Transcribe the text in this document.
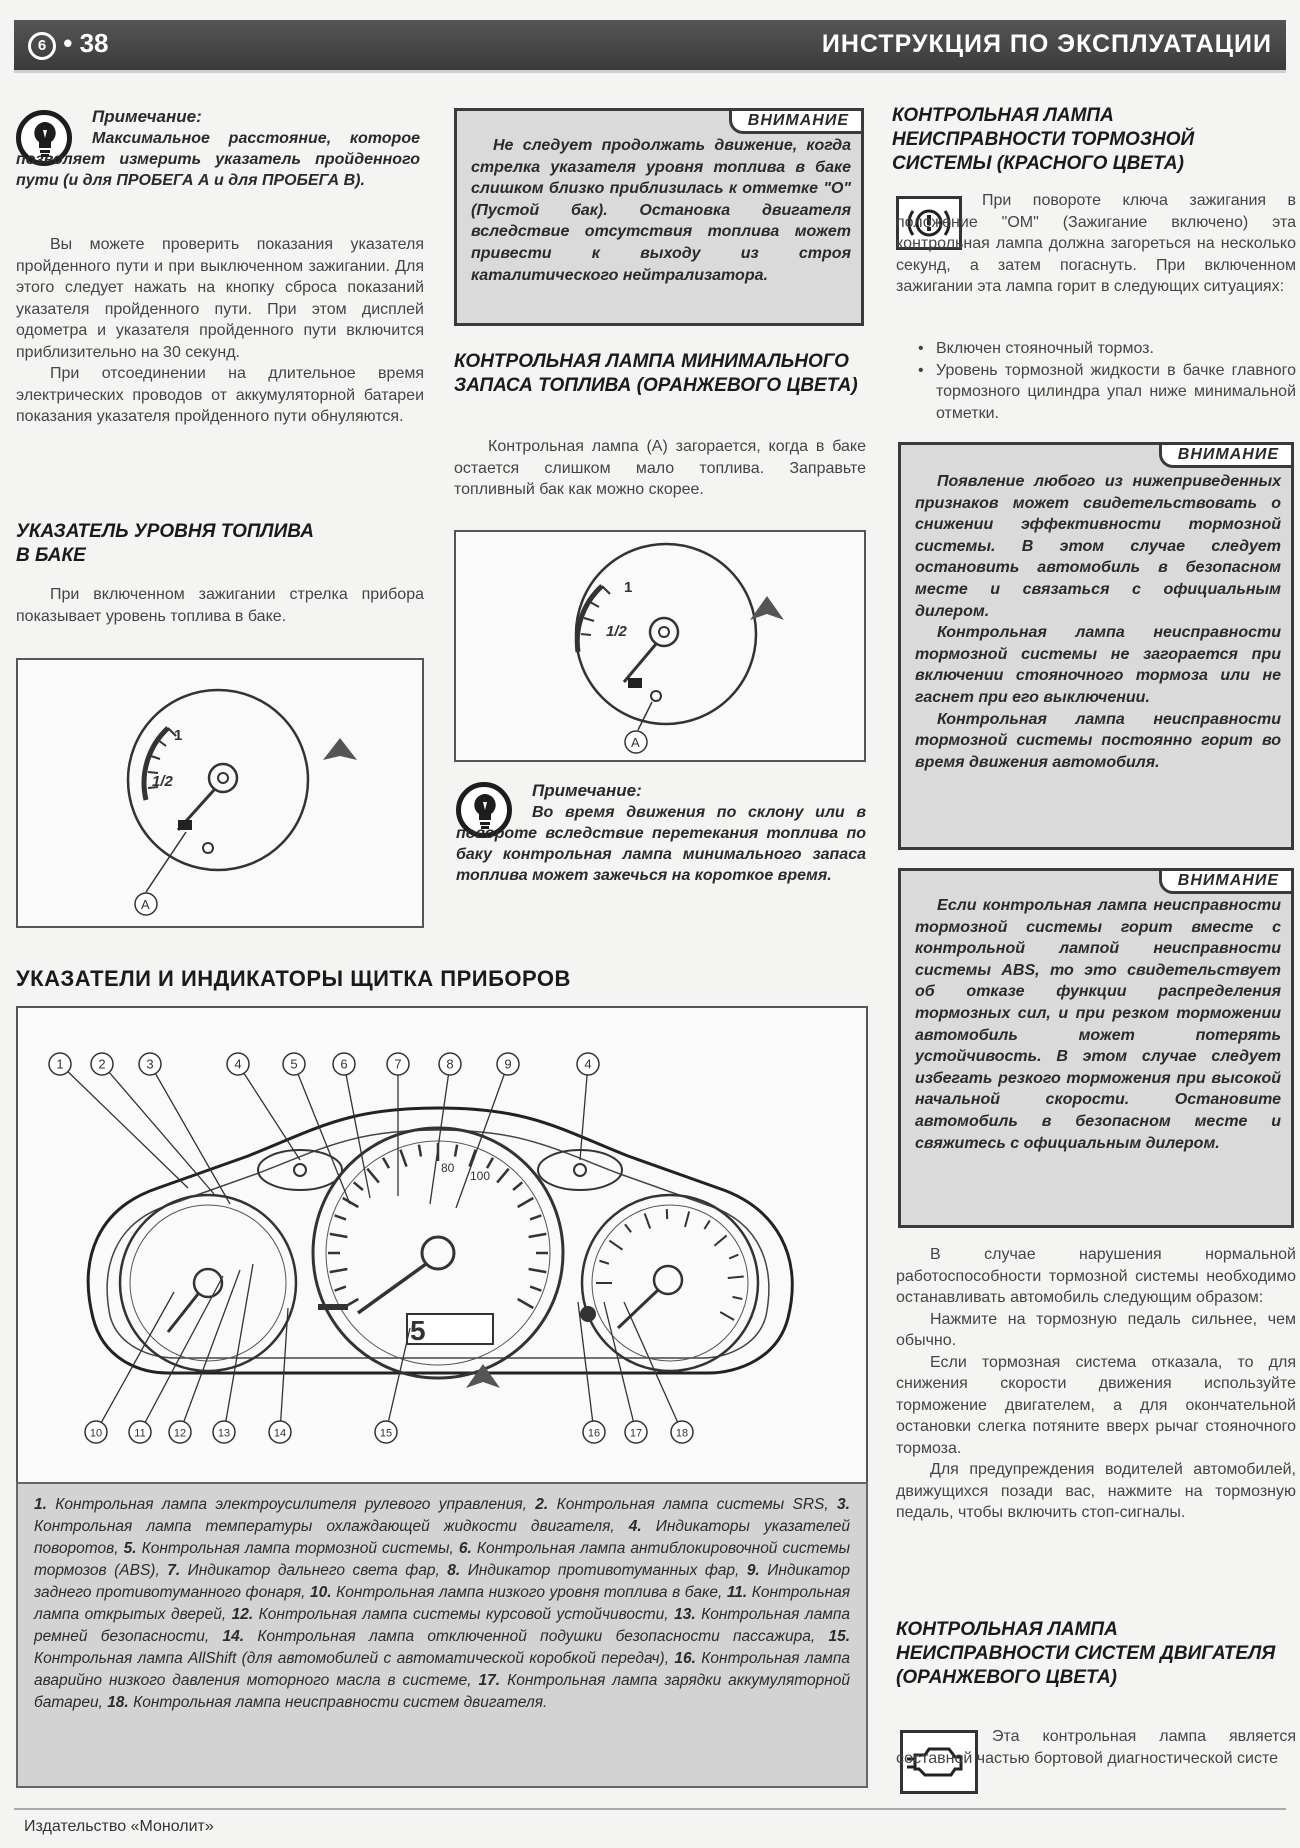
6 • 38	ИНСТРУКЦИЯ ПО ЭКСПЛУАТАЦИИ
Примечание:
Максимальное расстояние, которое позволяет измерить указатель пройденного пути (и для ПРОБЕГА А и для ПРОБЕГА В).

Вы можете проверить показания указателя пройденного пути и при выключенном зажигании. Для этого следует нажать на кнопку сброса показаний указателя пройденного пути. При этом дисплей одометра и указателя пройденного пути включится приблизительно на 30 секунд.

При отсоединении на длительное время электрических проводов от аккумуляторной батареи показания указателя пройденного пути обнуляются.

УКАЗАТЕЛЬ УРОВНЯ ТОПЛИВА В БАКЕ

При включенном зажигании стрелка прибора показывает уровень топлива в баке.

1
1/2
A
ВНИМАНИЕ
Не следует продолжать движение, когда стрелка указателя уровня топлива в баке слишком близко приблизилась к отметке "О" (Пустой бак). Остановка двигателя вследствие отсутствия топлива может привести к выходу из строя каталитического нейтрализатора.
КОНТРОЛЬНАЯ ЛАМПА МИНИМАЛЬНОГО ЗАПАСА ТОПЛИВА (ОРАНЖЕВОГО ЦВЕТА)

Контрольная лампа (А) загорается, когда в баке остается слишком мало топлива. Заправьте топливный бак как можно скорее.

1
1/2
A
Примечание:
Во время движения по склону или в повороте вследствие перетекания топлива по баку контрольная лампа минимального запаса топлива может зажечься на короткое время.
КОНТРОЛЬНАЯ ЛАМПА НЕИСПРАВНОСТИ ТОРМОЗНОЙ СИСТЕМЫ (КРАСНОГО ЦВЕТА)

При повороте ключа зажигания в положение "ОМ" (Зажигание включено) эта контрольная лампа должна загореться на несколько секунд, а затем погаснуть. При включенном зажигании эта лампа горит в следующих ситуациях:

• Включен стояночный тормоз.
• Уровень тормозной жидкости в бачке главного тормозного цилиндра упал ниже минимальной отметки.
ВНИМАНИЕ

Появление любого из нижеприведенных признаков может свидетельствовать о снижении эффективности тормозной системы. В этом случае следует остановить автомобиль в безопасном месте и связаться с официальным дилером.

Контрольная лампа неисправности тормозной системы не загорается при включении стояночного тормоза или не гаснет при его выключении.

Контрольная лампа неисправности тормозной системы постоянно горит во время движения автомобиля.

ВНИМАНИЕ
Если контрольная лампа неисправности тормозной системы горит вместе с контрольной лампой неисправности системы ABS, то это свидетельствует об отказе функции распределения тормозных сил, и при резком торможении автомобиль может потерять устойчивость. В этом случае следует избегать резкого торможения при высокой начальной скорости. Остановите автомобиль в безопасном месте и свяжитесь с официальным дилером.

В случае нарушения нормальной работоспособности тормозной системы необходимо останавливать автомобиль следующим образом:

Нажмите на тормозную педаль сильнее, чем обычно.

Если тормозная система отказала, то для снижения скорости движения используйте торможение двигателем, а для окончательной остановки слегка потяните вверх рычаг стояночного тормоза.

Для предупреждения водителей автомобилей, движущихся позади вас, нажмите на тормозную педаль, чтобы включить стоп-сигналы.

КОНТРОЛЬНАЯ ЛАМПА НЕИСПРАВНОСТИ СИСТЕМ ДВИГАТЕЛЯ (ОРАНЖЕВОГО ЦВЕТА)

Эта контрольная лампа является составной частью бортовой диагностической систе

УКАЗАТЕЛИ И ИНДИКАТОРЫ ЩИТКА ПРИБОРОВ
80
100
5
1	2	3	4	5	6	7	8	9	4
10	11	12	13	14	15	16	17	18
1. Контрольная лампа электроусилителя рулевого управления, 2. Контрольная лампа системы SRS, 3. Контрольная лампа температуры охлаждающей жидкости двигателя, 4. Индикаторы указателей поворотов, 5. Контрольная лампа тормозной системы, 6. Контрольная лампа антиблокировочной системы тормозов (ABS), 7. Индикатор дальнего света фар, 8. Индикатор противотуманных фар, 9. Индикатор заднего противотуманного фонаря, 10. Контрольная лампа низкого уровня топлива в баке, 11. Контрольная лампа открытых дверей, 12. Контрольная лампа системы курсовой устойчивости, 13. Контрольная лампа ремней безопасности, 14. Контрольная лампа отключенной подушки безопасности пассажира, 15. Контрольная лампа AllShift (для автомобилей с автоматической коробкой передач), 16. Контрольная лампа аварийно низкого давления моторного масла в системе, 17. Контрольная лампа зарядки аккумуляторной батареи, 18. Контрольная лампа неисправности систем двигателя.
Издательство «Монолит»
